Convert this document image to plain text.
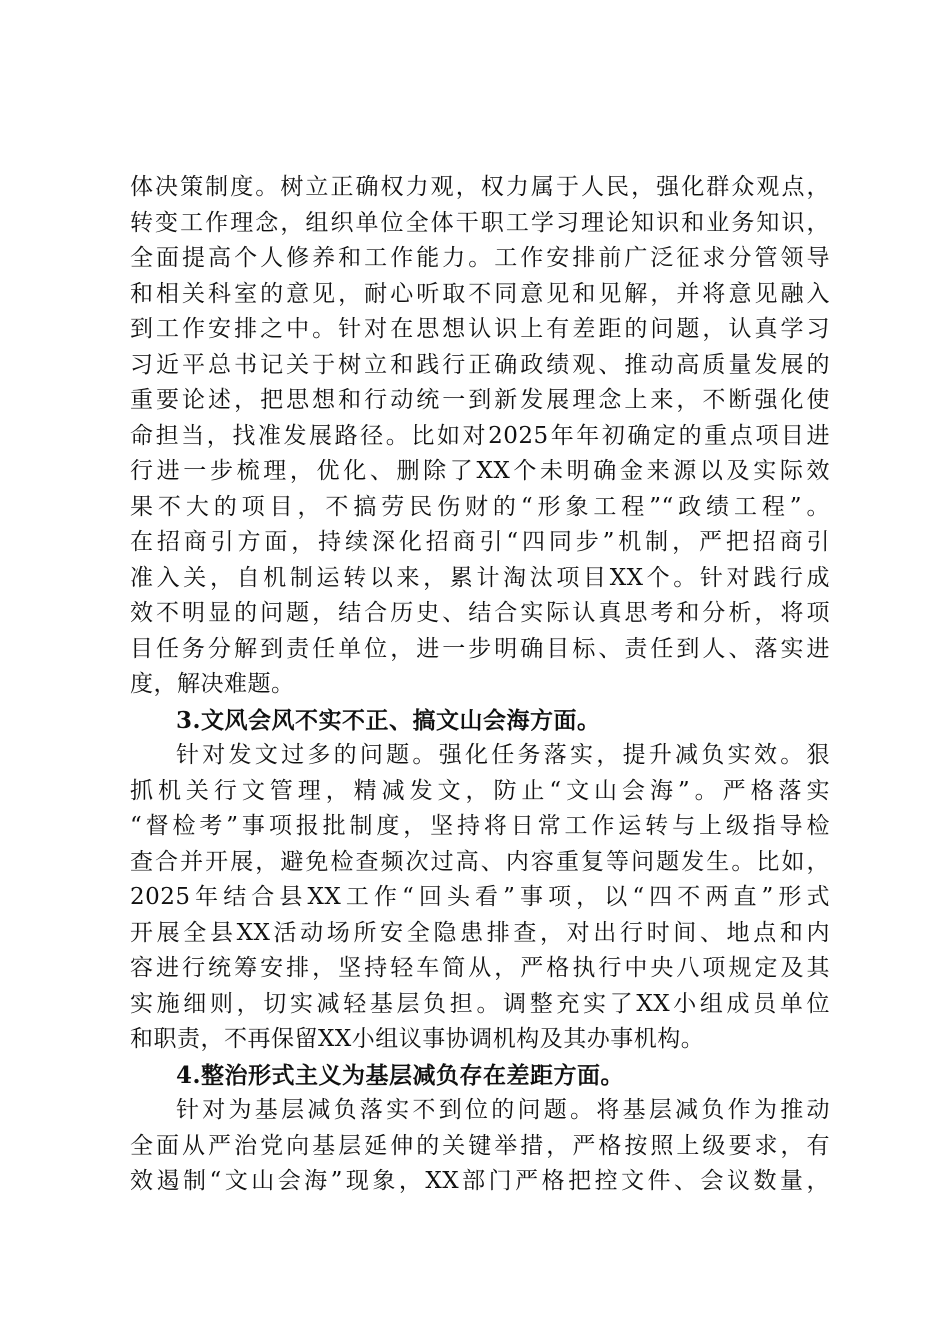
体决策制度。树立正确权力观，权力属于人民，强化群众观点，
转变工作理念，组织单位全体干职工学习理论知识和业务知识，
全面提高个人修养和工作能力。工作安排前广泛征求分管领导
和相关科室的意见，耐心听取不同意见和见解，并将意见融入
到工作安排之中。针对在思想认识上有差距的问题，认真学习
习近平总书记关于树立和践行正确政绩观、推动高质量发展的
重要论述，把思想和行动统一到新发展理念上来，不断强化使
命担当，找准发展路径。比如对2025年年初确定的重点项目进
行进一步梳理，优化、删除了XX个未明确金来源以及实际效
果不大的项目，不搞劳民伤财的“形象工程”“政绩工程”。
在招商引方面，持续深化招商引“四同步”机制，严把招商引
准入关，自机制运转以来，累计淘汰项目XX个。针对践行成
效不明显的问题，结合历史、结合实际认真思考和分析，将项
目任务分解到责任单位，进一步明确目标、责任到人、落实进
度，解决难题。

3.文风会风不实不正、搞文山会海方面。

针对发文过多的问题。强化任务落实，提升减负实效。狠
抓机关行文管理，精减发文，防止“文山会海”。严格落实
“督检考”事项报批制度，坚持将日常工作运转与上级指导检
查合并开展，避免检查频次过高、内容重复等问题发生。比如，
2025年结合县XX工作“回头看”事项，以“四不两直”形式
开展全县XX活动场所安全隐患排查，对出行时间、地点和内
容进行统筹安排，坚持轻车简从，严格执行中央八项规定及其
实施细则，切实减轻基层负担。调整充实了XX小组成员单位
和职责，不再保留XX小组议事协调机构及其办事机构。

4.整治形式主义为基层减负存在差距方面。

针对为基层减负落实不到位的问题。将基层减负作为推动
全面从严治党向基层延伸的关键举措，严格按照上级要求，有
效遏制“文山会海”现象，XX部门严格把控文件、会议数量，
